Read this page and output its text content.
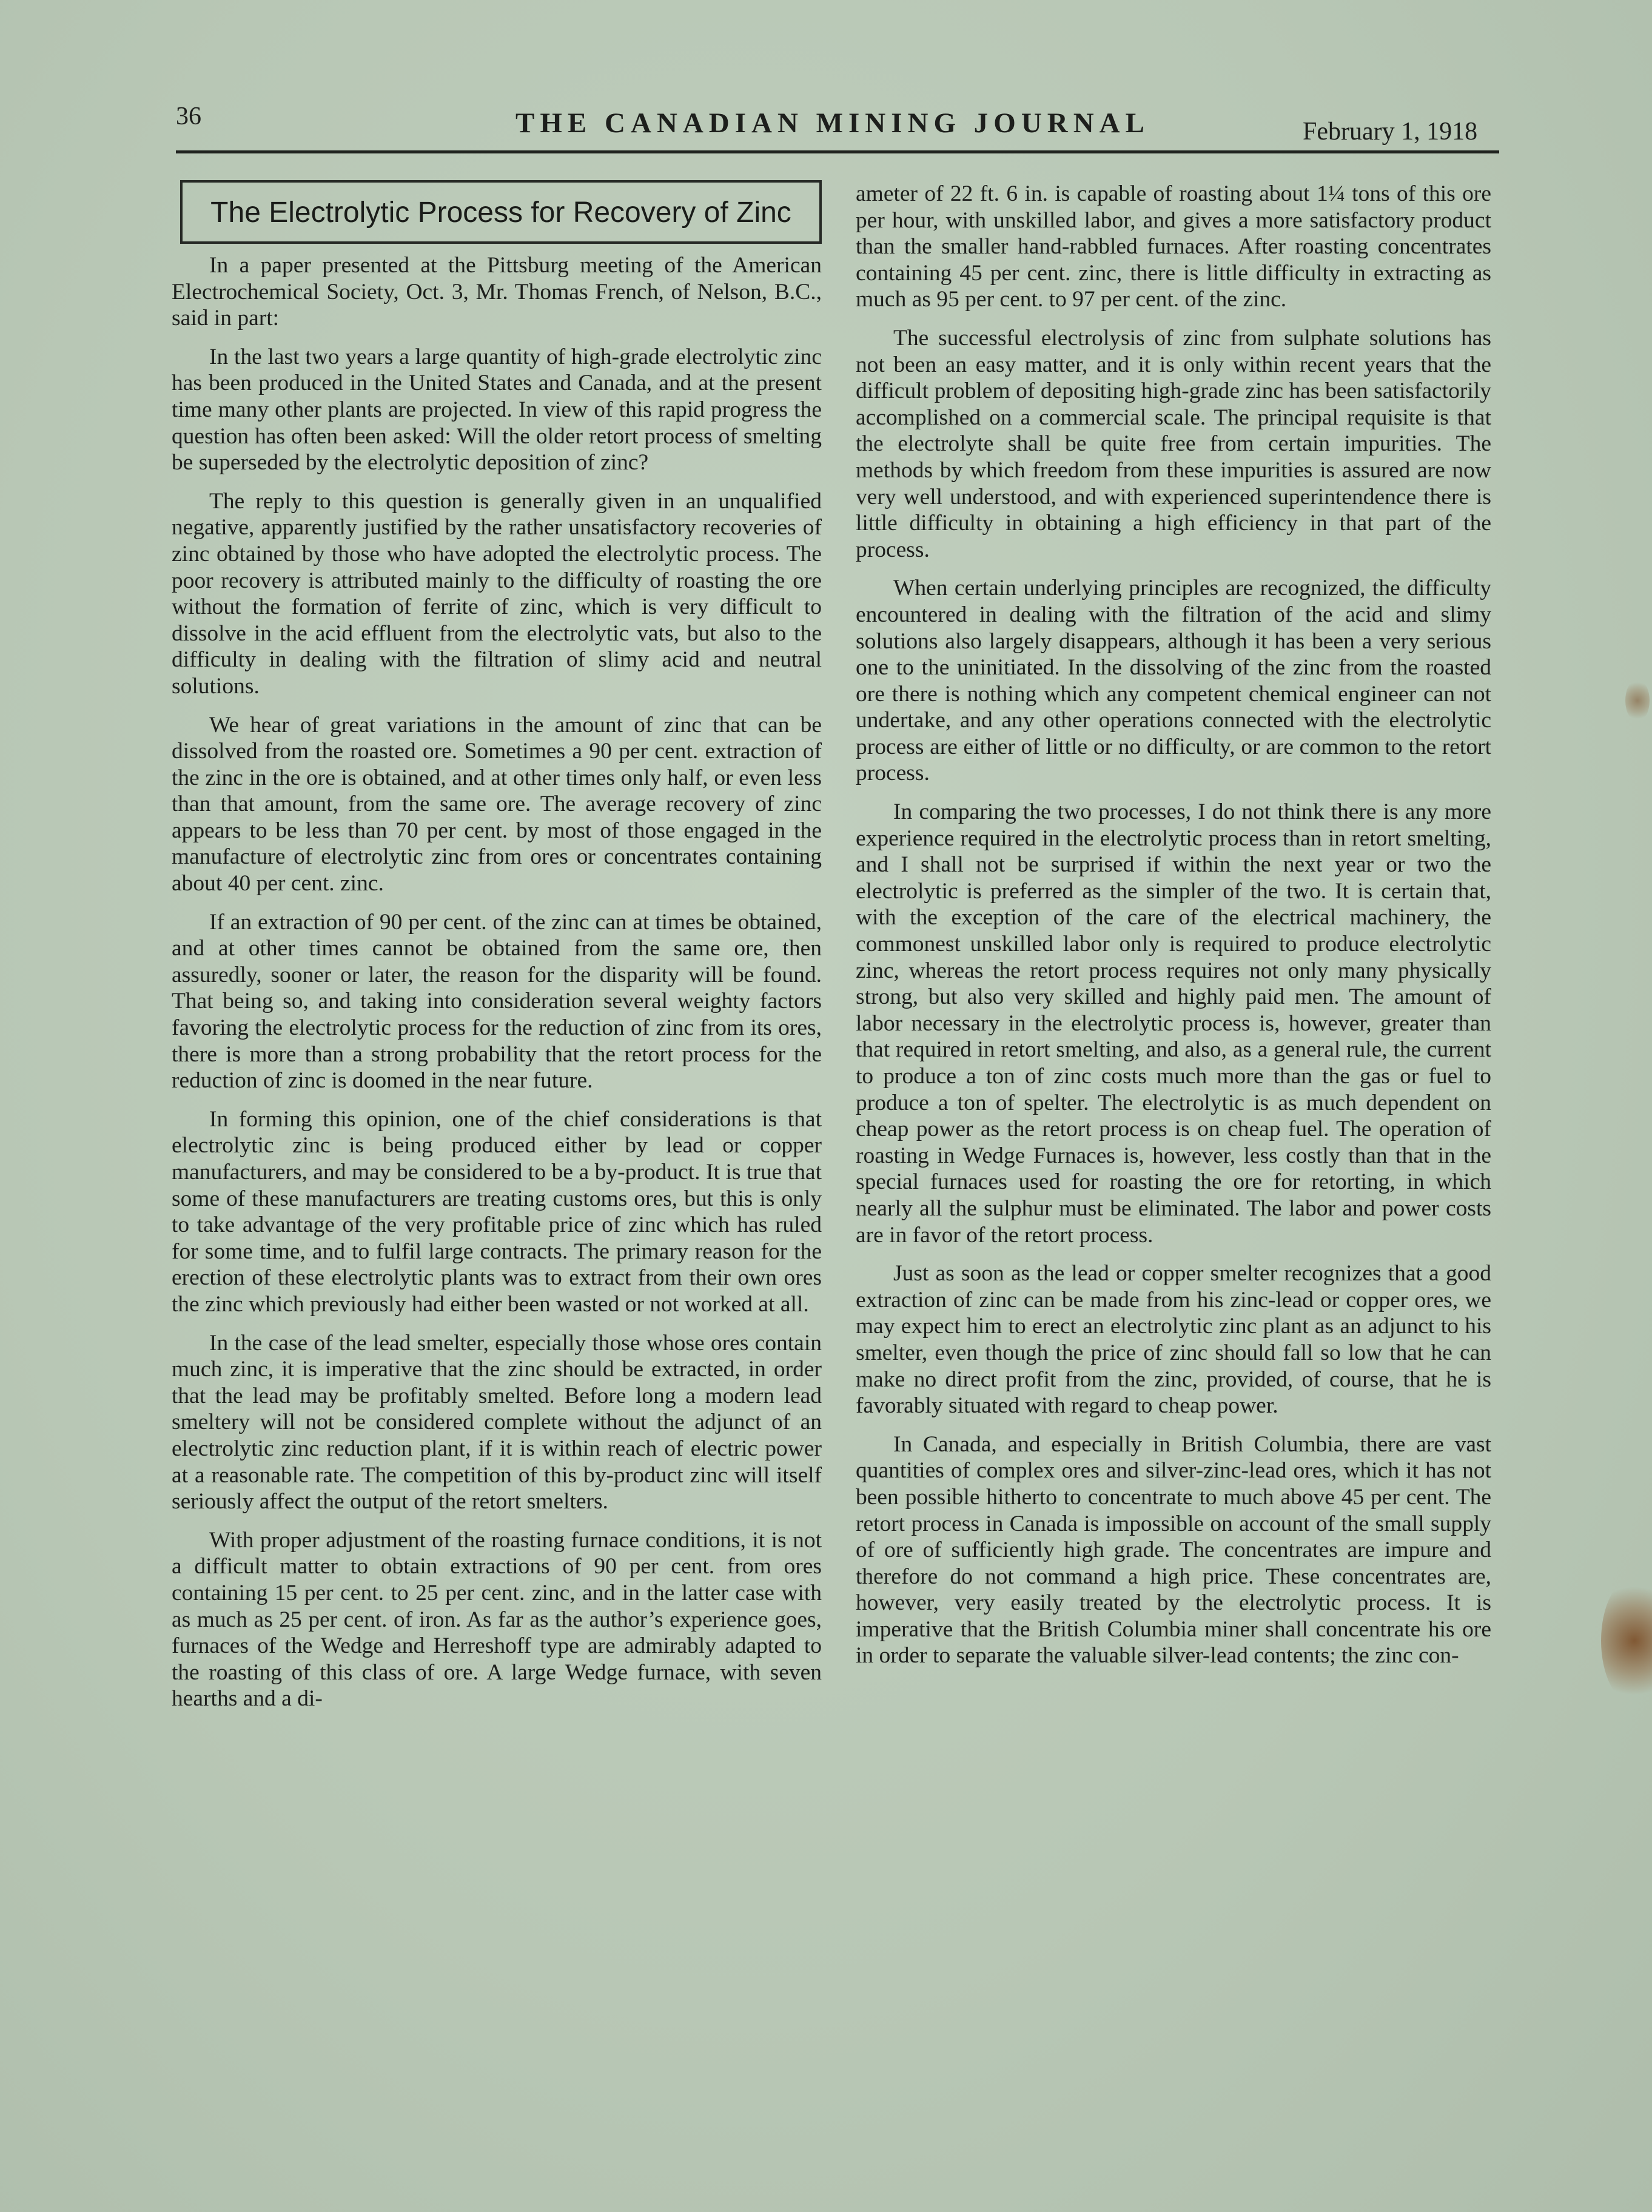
36	THE CANADIAN MINING JOURNAL	February 1, 1918
The Electrolytic Process for Recovery of Zinc

In a paper presented at the Pittsburg meeting of the American Electrochemical Society, Oct. 3, Mr. Thomas French, of Nelson, B.C., said in part:

In the last two years a large quantity of high-grade electrolytic zinc has been produced in the United States and Canada, and at the present time many other plants are projected. In view of this rapid progress the question has often been asked: Will the older retort process of smelting be superseded by the electrolytic deposition of zinc?

The reply to this question is generally given in an unqualified negative, apparently justified by the rather unsatisfactory recoveries of zinc obtained by those who have adopted the electrolytic process. The poor recovery is attributed mainly to the difficulty of roasting the ore without the formation of ferrite of zinc, which is very difficult to dissolve in the acid effluent from the electrolytic vats, but also to the difficulty in dealing with the filtration of slimy acid and neutral solutions.

We hear of great variations in the amount of zinc that can be dissolved from the roasted ore. Sometimes a 90 per cent. extraction of the zinc in the ore is obtained, and at other times only half, or even less than that amount, from the same ore. The average recovery of zinc appears to be less than 70 per cent. by most of those engaged in the manufacture of electrolytic zinc from ores or concentrates containing about 40 per cent. zinc.

If an extraction of 90 per cent. of the zinc can at times be obtained, and at other times cannot be obtained from the same ore, then assuredly, sooner or later, the reason for the disparity will be found. That being so, and taking into consideration several weighty factors favoring the electrolytic process for the reduction of zinc from its ores, there is more than a strong probability that the retort process for the reduction of zinc is doomed in the near future.

In forming this opinion, one of the chief considerations is that electrolytic zinc is being produced either by lead or copper manufacturers, and may be considered to be a by-product. It is true that some of these manufacturers are treating customs ores, but this is only to take advantage of the very profitable price of zinc which has ruled for some time, and to fulfil large contracts. The primary reason for the erection of these electrolytic plants was to extract from their own ores the zinc which previously had either been wasted or not worked at all.

In the case of the lead smelter, especially those whose ores contain much zinc, it is imperative that the zinc should be extracted, in order that the lead may be profitably smelted. Before long a modern lead smeltery will not be considered complete without the adjunct of an electrolytic zinc reduction plant, if it is within reach of electric power at a reasonable rate. The competition of this by-product zinc will itself seriously affect the output of the retort smelters.

With proper adjustment of the roasting furnace conditions, it is not a difficult matter to obtain extractions of 90 per cent. from ores containing 15 per cent. to 25 per cent. zinc, and in the latter case with as much as 25 per cent. of iron. As far as the author’s experience goes, furnaces of the Wedge and Herreshoff type are admirably adapted to the roasting of this class of ore. A large Wedge furnace, with seven hearths and a di-

ameter of 22 ft. 6 in. is capable of roasting about 1¼ tons of this ore per hour, with unskilled labor, and gives a more satisfactory product than the smaller hand-rabbled furnaces. After roasting concentrates containing 45 per cent. zinc, there is little difficulty in extracting as much as 95 per cent. to 97 per cent. of the zinc.

The successful electrolysis of zinc from sulphate solutions has not been an easy matter, and it is only within recent years that the difficult problem of depositing high-grade zinc has been satisfactorily accomplished on a commercial scale. The principal requisite is that the electrolyte shall be quite free from certain impurities. The methods by which freedom from these impurities is assured are now very well understood, and with experienced superintendence there is little difficulty in obtaining a high efficiency in that part of the process.

When certain underlying principles are recognized, the difficulty encountered in dealing with the filtration of the acid and slimy solutions also largely disappears, although it has been a very serious one to the uninitiated. In the dissolving of the zinc from the roasted ore there is nothing which any competent chemical engineer can not undertake, and any other operations connected with the electrolytic process are either of little or no difficulty, or are common to the retort process.

In comparing the two processes, I do not think there is any more experience required in the electrolytic process than in retort smelting, and I shall not be surprised if within the next year or two the electrolytic is preferred as the simpler of the two. It is certain that, with the exception of the care of the electrical machinery, the commonest unskilled labor only is required to produce electrolytic zinc, whereas the retort process requires not only many physically strong, but also very skilled and highly paid men. The amount of labor necessary in the electrolytic process is, however, greater than that required in retort smelting, and also, as a general rule, the current to produce a ton of zinc costs much more than the gas or fuel to produce a ton of spelter. The electrolytic is as much dependent on cheap power as the retort process is on cheap fuel. The operation of roasting in Wedge Furnaces is, however, less costly than that in the special furnaces used for roasting the ore for retorting, in which nearly all the sulphur must be eliminated. The labor and power costs are in favor of the retort process.

Just as soon as the lead or copper smelter recognizes that a good extraction of zinc can be made from his zinc-lead or copper ores, we may expect him to erect an electrolytic zinc plant as an adjunct to his smelter, even though the price of zinc should fall so low that he can make no direct profit from the zinc, provided, of course, that he is favorably situated with regard to cheap power.

In Canada, and especially in British Columbia, there are vast quantities of complex ores and silver-zinc-lead ores, which it has not been possible hitherto to concentrate to much above 45 per cent. The retort process in Canada is impossible on account of the small supply of ore of sufficiently high grade. The concentrates are impure and therefore do not command a high price. These concentrates are, however, very easily treated by the electrolytic process. It is imperative that the British Columbia miner shall concentrate his ore in order to separate the valuable silver-lead contents; the zinc con-
